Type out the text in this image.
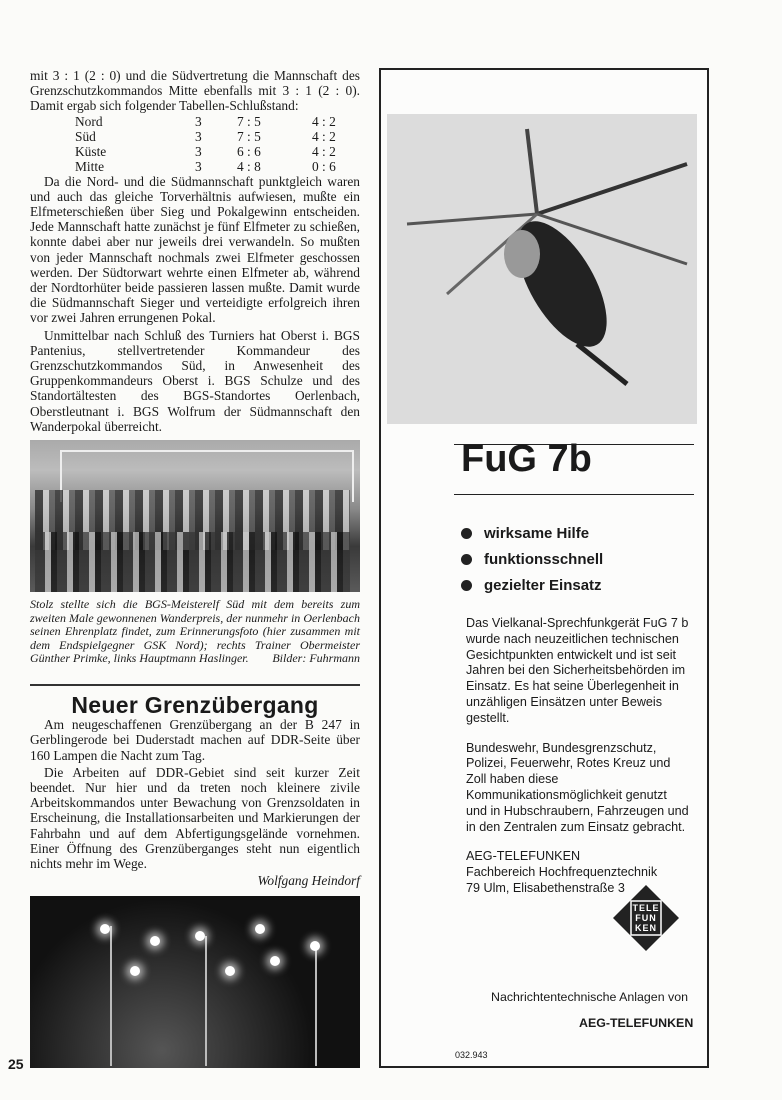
mit 3 : 1 (2 : 0) und die Südvertretung die Mannschaft des Grenzschutzkommandos Mitte ebenfalls mit 3 : 1 (2 : 0). Damit ergab sich folgender Tabellen-Schlußstand:

Nord	3	7 : 5	4 : 2
Süd	3	7 : 5	4 : 2
Küste	3	6 : 6	4 : 2
Mitte	3	4 : 8	0 : 6

Da die Nord- und die Südmannschaft punktgleich waren und auch das gleiche Torverhältnis aufwiesen, mußte ein Elfmeterschießen über Sieg und Pokalgewinn entscheiden. Jede Mannschaft hatte zunächst je fünf Elfmeter zu schießen, konnte dabei aber nur jeweils drei verwandeln. So mußten von jeder Mannschaft nochmals zwei Elfmeter geschossen werden. Der Südtorwart wehrte einen Elfmeter ab, während der Nordtorhüter beide passieren lassen mußte. Damit wurde die Südmannschaft Sieger und verteidigte erfolgreich ihren vor zwei Jahren errungenen Pokal.

Unmittelbar nach Schluß des Turniers hat Oberst i. BGS Pantenius, stellvertretender Kommandeur des Grenzschutzkommandos Süd, in Anwesenheit des Gruppenkommandeurs Oberst i. BGS Schulze und des Standortältesten des BGS-Standortes Oerlenbach, Oberstleutnant i. BGS Wolfrum der Südmannschaft den Wanderpokal überreicht.

Stolz stellte sich die BGS-Meisterelf Süd mit dem bereits zum zweiten Male gewonnenen Wanderpreis, der nunmehr in Oerlenbach seinen Ehrenplatz findet, zum Erinnerungsfoto (hier zusammen mit dem Endspielgegner GSK Nord); rechts Trainer Obermeister Günther Primke, links Hauptmann Haslinger. Bilder: Fuhrmann
Neuer Grenzübergang

Am neugeschaffenen Grenzübergang an der B 247 in Gerblingerode bei Duderstadt machen auf DDR-Seite über 160 Lampen die Nacht zum Tag.

Die Arbeiten auf DDR-Gebiet sind seit kurzer Zeit beendet. Nur hier und da treten noch kleinere zivile Arbeitskommandos unter Bewachung von Grenzsoldaten in Erscheinung, die Installationsarbeiten und Markierungen der Fahrbahn und auf dem Abfertigungsgelände vornehmen. Einer Öffnung des Grenzüberganges steht nun eigentlich nichts mehr im Wege.

Wolfgang Heindorf
25
FuG 7b
wirksame Hilfe
funktionsschnell
gezielter Einsatz

Das Vielkanal-Sprechfunkgerät FuG 7 b wurde nach neuzeitlichen technischen Gesichtpunkten entwickelt und ist seit Jahren bei den Sicherheitsbehörden im Einsatz. Es hat seine Überlegenheit in unzähligen Einsätzen unter Beweis gestellt.

Bundeswehr, Bundesgrenzschutz, Polizei, Feuerwehr, Rotes Kreuz und Zoll haben diese Kommunikationsmöglichkeit genutzt und in Hubschraubern, Fahrzeugen und in den Zentralen zum Einsatz gebracht.

AEG-TELEFUNKEN
Fachbereich Hochfrequenztechnik
79 Ulm, Elisabethenstraße 3

TELE
FUN
KEN
Nachrichtentechnische Anlagen von
AEG-TELEFUNKEN
032.943
